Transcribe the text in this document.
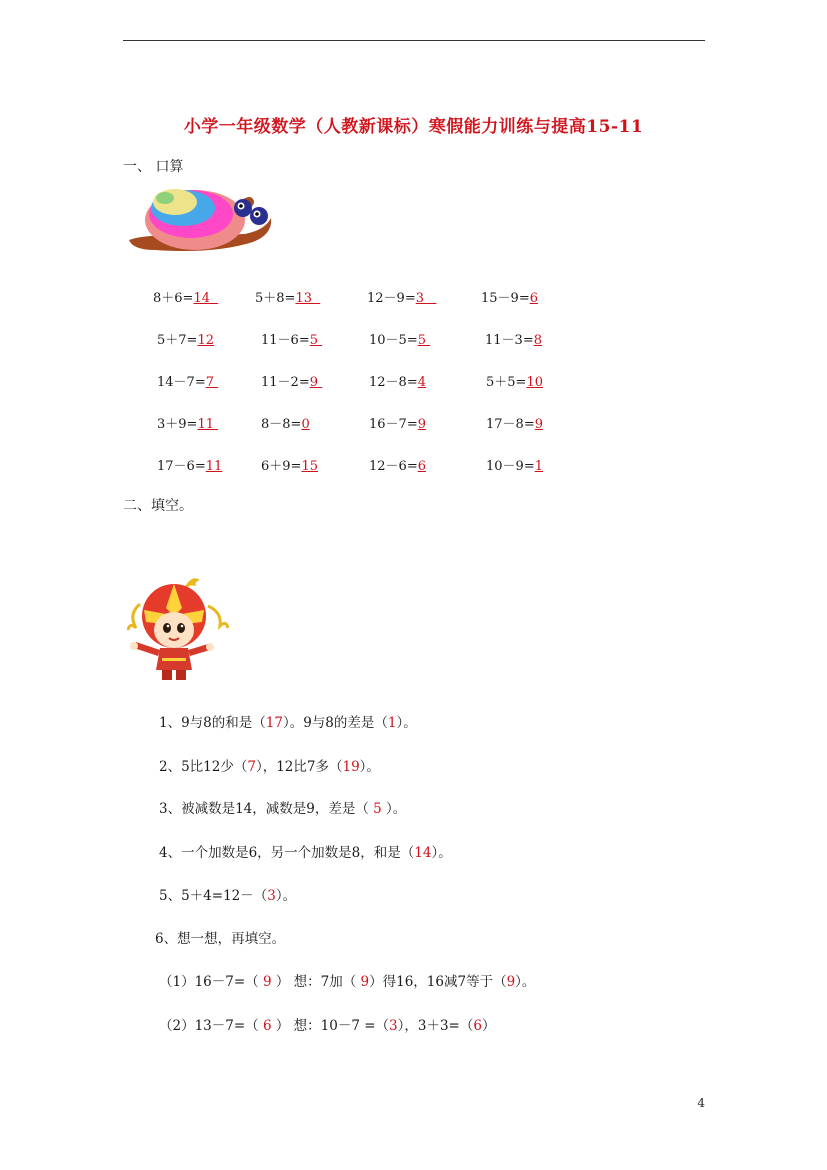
小学一年级数学（人教新课标）寒假能力训练与提高15-11
一、 口算
8＋6=14	5＋8=13	12－9=3	15－9=6
5＋7=12	11－6=5	10－5=5	11－3=8
14－7=7	11－2=9	12－8=4	5＋5=10
3＋9=11	8－8=0	16－7=9	17－8=9
17－6=11	6＋9=15	12－6=6	10－9=1
二、填空。
1、9与8的和是（17）。9与8的差是（1）。
2、5比12少（7），12比7多（19）。
3、被减数是14，减数是9，差是（ 5 ）。
4、一个加数是6，另一个加数是8，和是（14）。
5、5＋4=12－（3）。
6、想一想，再填空。
（1）16－7=（ 9 ） 想：7加（ 9）得16，16减7等于（9）。
（2）13－7=（ 6 ） 想：10－7 =（3），3＋3=（6）
4
